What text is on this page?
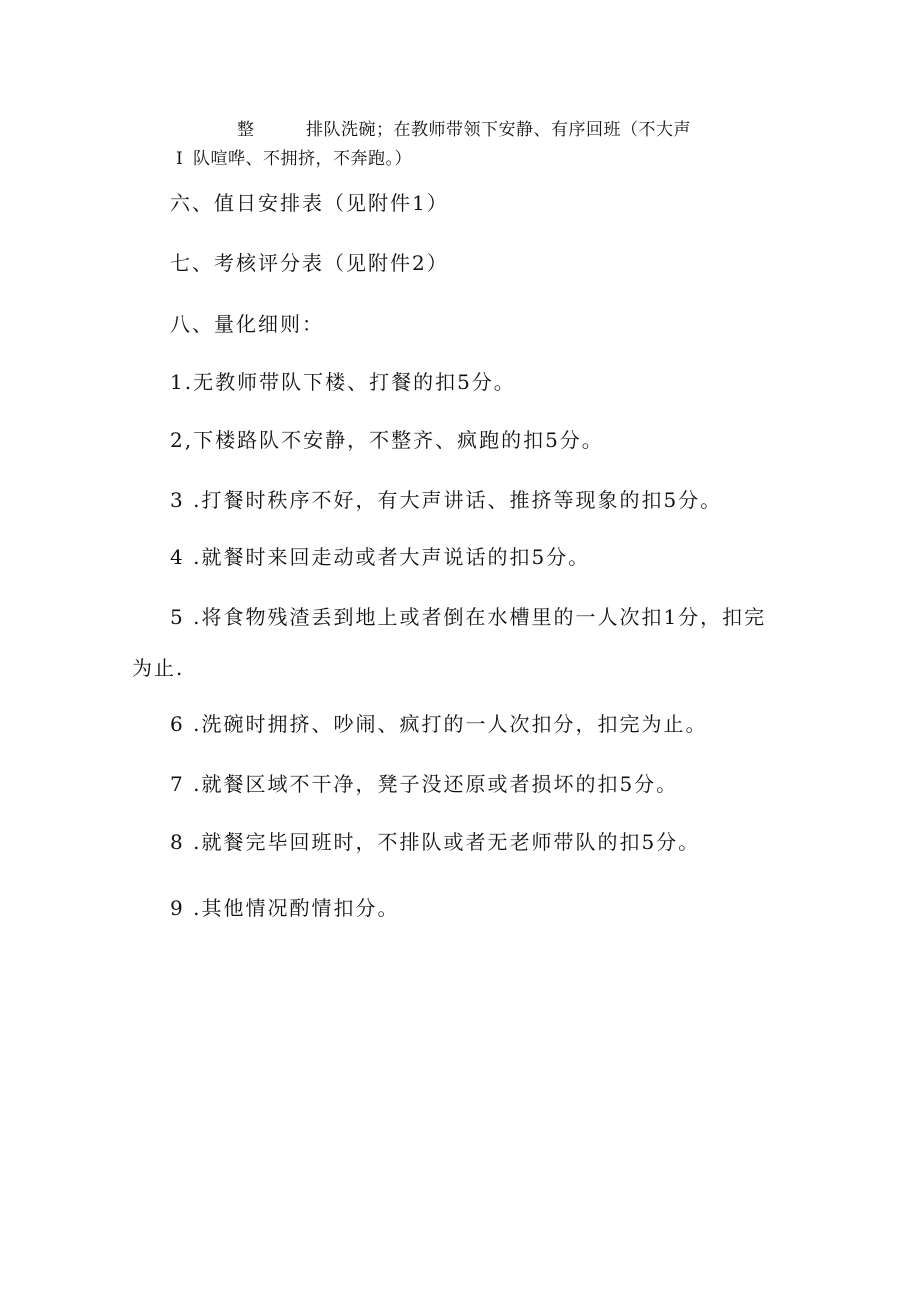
整	排队洗碗；在教师带领下安静、有序回班（不大声
Ⅰ 队喧哗、不拥挤，不奔跑。）
六、值日安排表（见附件1）
七、考核评分表（见附件2）
八、量化细则：
1.无教师带队下楼、打餐的扣5分。
2,下楼路队不安静，不整齐、疯跑的扣5分。
3 .打餐时秩序不好，有大声讲话、推挤等现象的扣5分。
4 .就餐时来回走动或者大声说话的扣5分。
5 .将食物残渣丢到地上或者倒在水槽里的一人次扣1分，扣完
为止.
6 .洗碗时拥挤、吵闹、疯打的一人次扣分，扣完为止。
7 .就餐区域不干净，凳子没还原或者损坏的扣5分。
8 .就餐完毕回班时，不排队或者无老师带队的扣5分。
9 .其他情况酌情扣分。
